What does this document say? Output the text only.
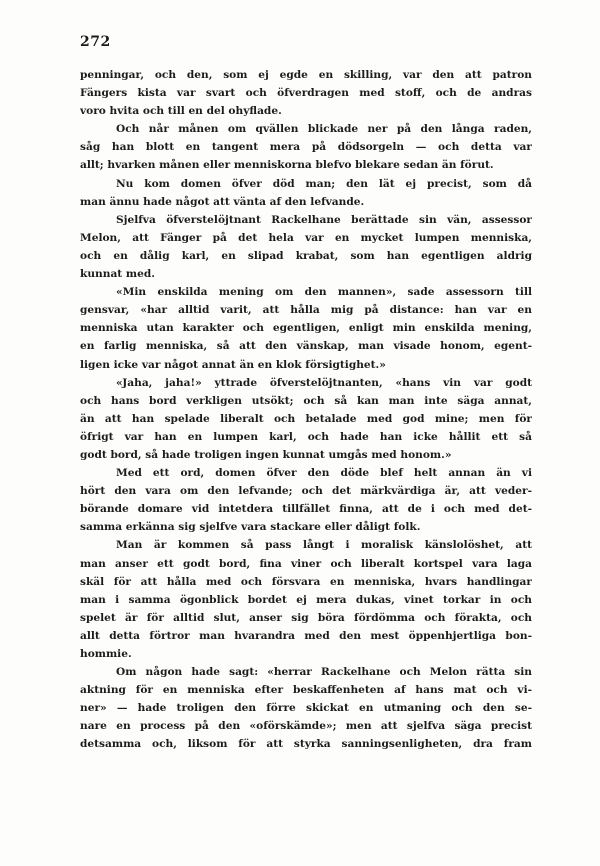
272
penningar, och den, som ej egde en skilling, var den att patron
Fängers kista var svart och öfverdragen med stoff, och de andras
voro hvita och till en del ohyflade.
Och når månen om qvällen blickade ner på den långa raden,
såg han blott en tangent mera på dödsorgeln — och detta var
allt; hvarken månen eller menniskorna blefvo blekare sedan än förut.
Nu kom domen öfver död man; den lät ej precist, som då
man ännu hade något att vänta af den lefvande.
Sjelfva öfverstelöjtnant Rackelhane berättade sin vän, assessor
Melon, att Fänger på det hela var en mycket lumpen menniska,
och en dålig karl, en slipad krabat, som han egentligen aldrig
kunnat med.
«Min enskilda mening om den mannen», sade assessorn till
gensvar, «har alltid varit, att hålla mig på distance: han var en
menniska utan karakter och egentligen, enligt min enskilda mening,
en farlig menniska, så att den vänskap, man visade honom, egent-
ligen icke var något annat än en klok försigtighet.»
«Jaha, jaha!» yttrade öfverstelöjtnanten, «hans vin var godt
och hans bord verkligen utsökt; och så kan man inte säga annat,
än att han spelade liberalt och betalade med god mine; men för
öfrigt var han en lumpen karl, och hade han icke hållit ett så
godt bord, så hade troligen ingen kunnat umgås med honom.»
Med ett ord, domen öfver den döde blef helt annan än vi
hört den vara om den lefvande; och det märkvärdiga är, att veder-
börande domare vid intetdera tillfället finna, att de i och med det-
samma erkänna sig sjelfve vara stackare eller dåligt folk.
Man är kommen så pass långt i moralisk känslolöshet, att
man anser ett godt bord, fina viner och liberalt kortspel vara laga
skäl för att hålla med och försvara en menniska, hvars handlingar
man i samma ögonblick bordet ej mera dukas, vinet torkar in och
spelet är för alltid slut, anser sig böra fördömma och förakta, och
allt detta förtror man hvarandra med den mest öppenhjertliga bon-
hommie.
Om någon hade sagt: «herrar Rackelhane och Melon rätta sin
aktning för en menniska efter beskaffenheten af hans mat och vi-
ner» — hade troligen den förre skickat en utmaning och den se-
nare en process på den «oförskämde»; men att sjelfva säga precist
detsamma och, liksom för att styrka sanningsenligheten, dra fram
